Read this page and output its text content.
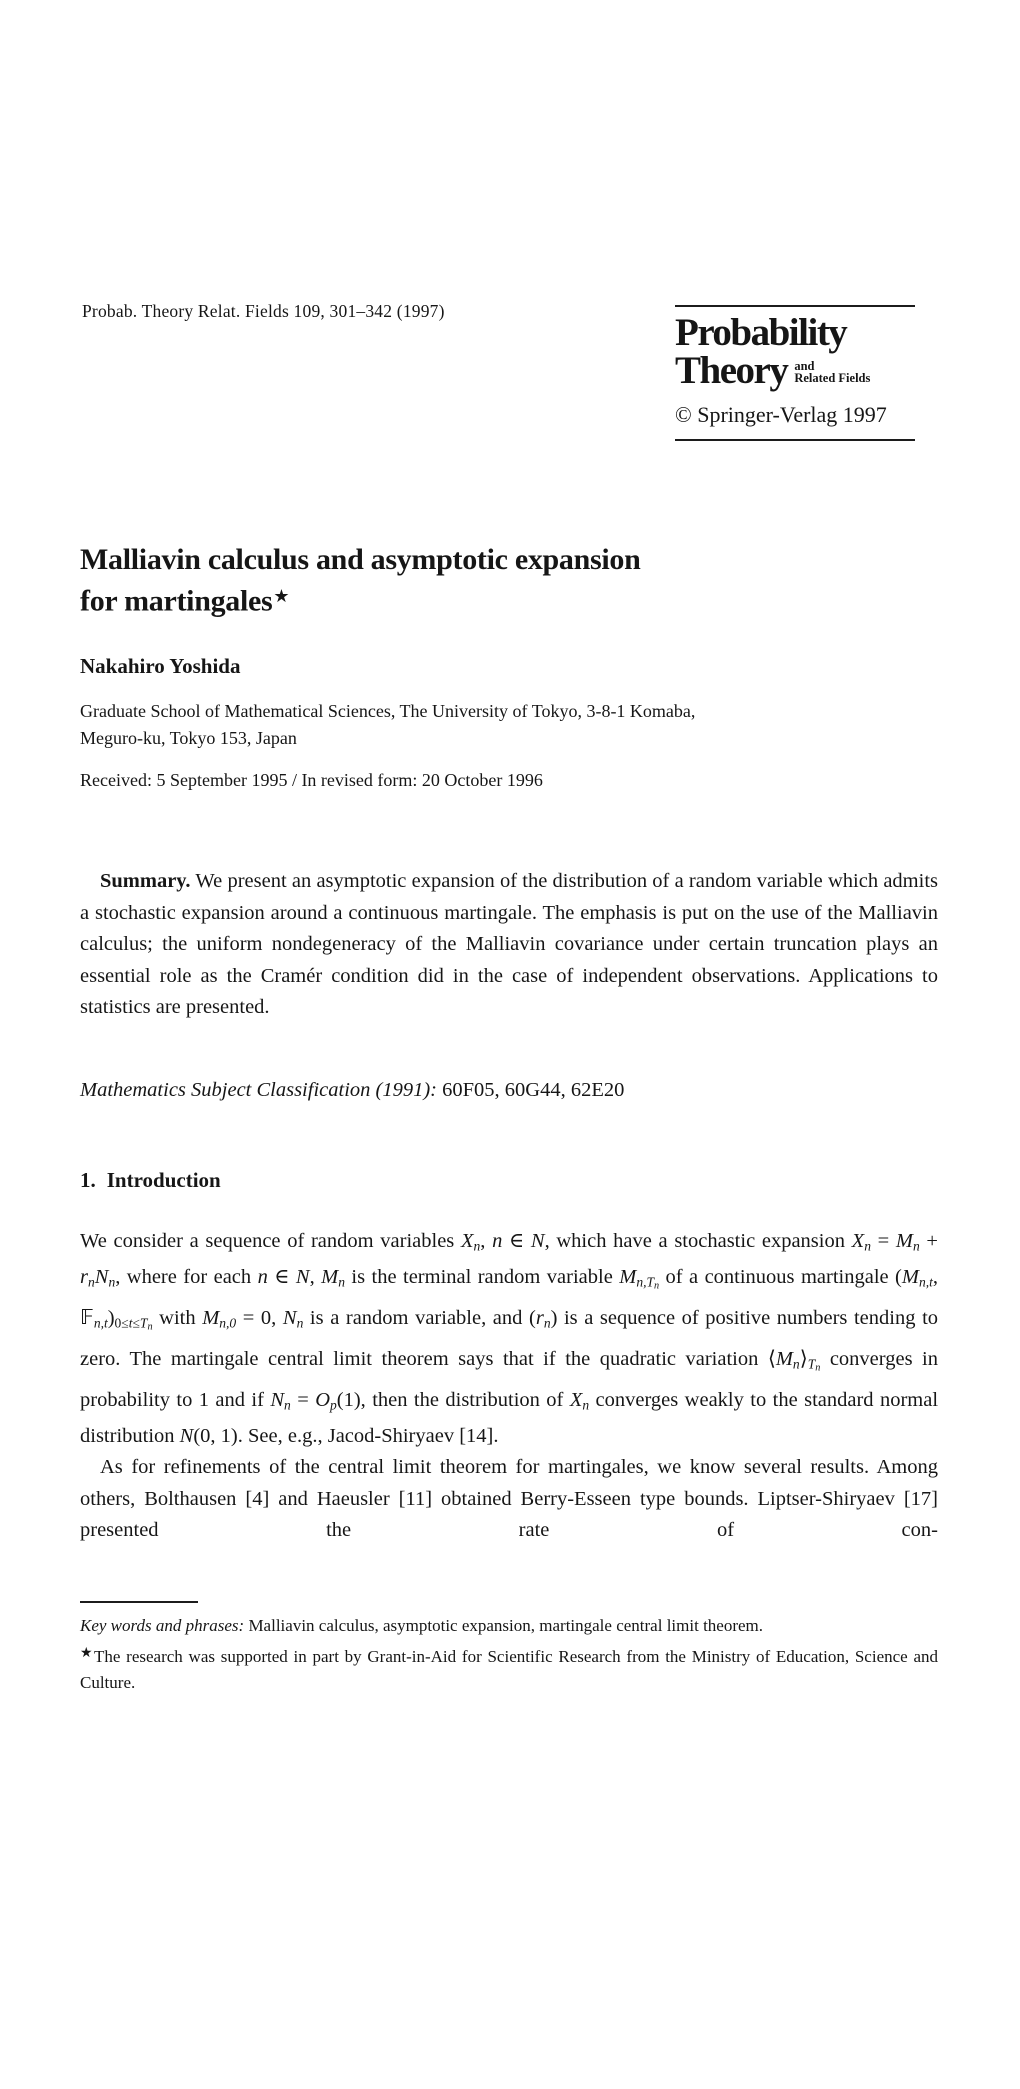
Probab. Theory Relat. Fields 109, 301–342 (1997)	Probability
Theory and
Related Fields
© Springer-Verlag 1997
Malliavin calculus and asymptotic expansion
for martingales★
Nakahiro Yoshida
Graduate School of Mathematical Sciences, The University of Tokyo, 3-8-1 Komaba,
Meguro-ku, Tokyo 153, Japan
Received: 5 September 1995 / In revised form: 20 October 1996

Summary. We present an asymptotic expansion of the distribution of a random variable which admits a stochastic expansion around a continuous martingale. The emphasis is put on the use of the Malliavin calculus; the uniform nondegeneracy of the Malliavin covariance under certain truncation plays an essential role as the Cramér condition did in the case of independent observations. Applications to statistics are presented.

Mathematics Subject Classification (1991): 60F05, 60G44, 62E20

1. Introduction

We consider a sequence of random variables Xn, n ∈ N, which have a stochastic expansion Xn = Mn + rnNn, where for each n ∈ N, Mn is the terminal random variable $Mn,T_n$ of a continuous martingale (Mn,t, $𝔽n,t)0\le t\le T_n$ with Mn,0 = 0, Nn is a random variable, and (rn) is a sequence of positive numbers tending to zero. The martingale central limit theorem says that if the quadratic variation $⟨Mn⟩T_n$ converges in probability to 1 and if Nn = Op(1), then the distribution of Xn converges weakly to the standard normal distribution N(0, 1). See, e.g., Jacod-Shiryaev [14].

As for refinements of the central limit theorem for martingales, we know several results. Among others, Bolthausen [4] and Haeusler [11] obtained Berry-Esseen type bounds. Liptser-Shiryaev [17] presented the rate of con-

Key words and phrases: Malliavin calculus, asymptotic expansion, martingale central limit theorem.

★The research was supported in part by Grant-in-Aid for Scientific Research from the Ministry of Education, Science and Culture.
